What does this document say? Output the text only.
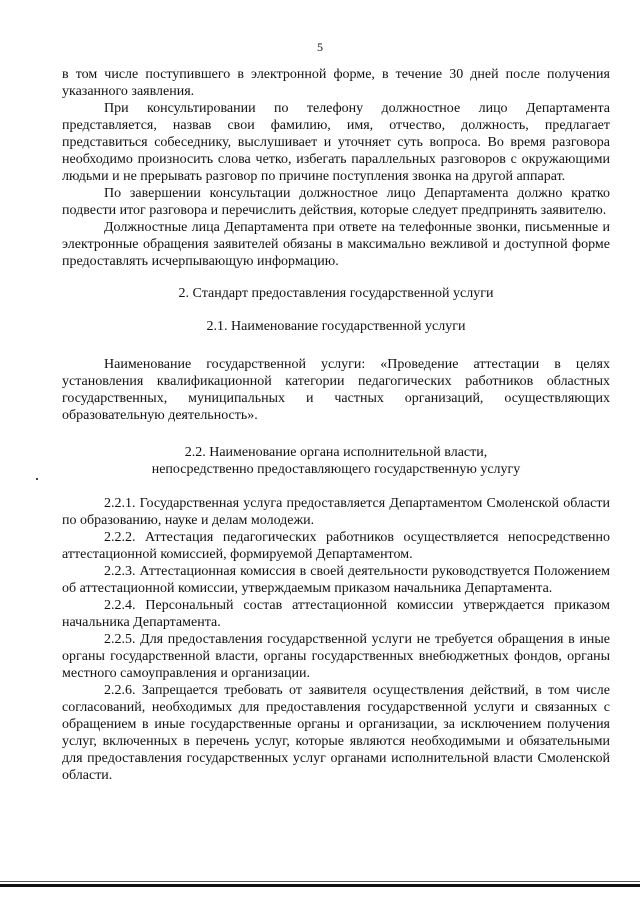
5

в том числе поступившего в электронной форме, в течение 30 дней после получения указанного заявления.

При консультировании по телефону должностное лицо Департамента представляется, назвав свои фамилию, имя, отчество, должность, предлагает представиться собеседнику, выслушивает и уточняет суть вопроса. Во время разговора необходимо произносить слова четко, избегать параллельных разговоров с окружающими людьми и не прерывать разговор по причине поступления звонка на другой аппарат.

По завершении консультации должностное лицо Департамента должно кратко подвести итог разговора и перечислить действия, которые следует предпринять заявителю.

Должностные лица Департамента при ответе на телефонные звонки, письменные и электронные обращения заявителей обязаны в максимально вежливой и доступной форме предоставлять исчерпывающую информацию.

2. Стандарт предоставления государственной услуги

2.1. Наименование государственной услуги

Наименование государственной услуги: «Проведение аттестации в целях установления квалификационной категории педагогических работников областных государственных, муниципальных и частных организаций, осуществляющих образовательную деятельность».

2.2. Наименование органа исполнительной власти,

непосредственно предоставляющего государственную услугу

2.2.1. Государственная услуга предоставляется Департаментом Смоленской области по образованию, науке и делам молодежи.

2.2.2. Аттестация педагогических работников осуществляется непосредственно аттестационной комиссией, формируемой Департаментом.

2.2.3. Аттестационная комиссия в своей деятельности руководствуется Положением об аттестационной комиссии, утверждаемым приказом начальника Департамента.

2.2.4. Персональный состав аттестационной комиссии утверждается приказом начальника Департамента.

2.2.5. Для предоставления государственной услуги не требуется обращения в иные органы государственной власти, органы государственных внебюджетных фондов, органы местного самоуправления и организации.

2.2.6. Запрещается требовать от заявителя осуществления действий, в том числе согласований, необходимых для предоставления государственной услуги и связанных с обращением в иные государственные органы и организации, за исключением получения услуг, включенных в перечень услуг, которые являются необходимыми и обязательными для предоставления государственных услуг органами исполнительной власти Смоленской области.
